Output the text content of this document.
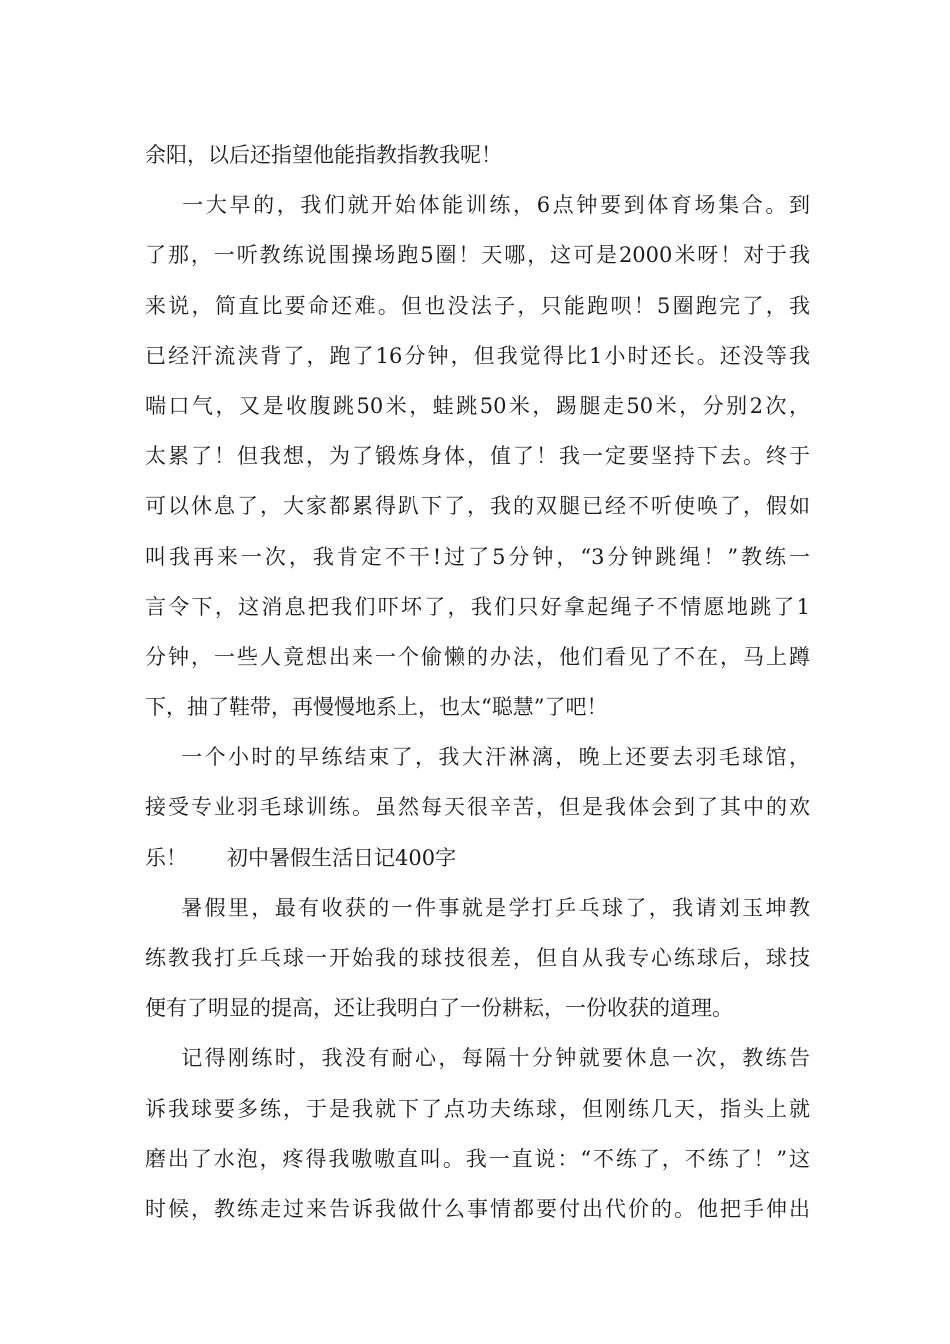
余阳，以后还指望他能指教指教我呢！
一大早的，我们就开始体能训练，6点钟要到体育场集合。到
了那，一听教练说围操场跑5圈！天哪，这可是2000米呀！对于我
来说，简直比要命还难。但也没法子，只能跑呗！5圈跑完了，我
已经汗流浃背了，跑了16分钟，但我觉得比1小时还长。还没等我
喘口气，又是收腹跳50米，蛙跳50米，踢腿走50米，分别2次，
太累了！但我想，为了锻炼身体，值了！我一定要坚持下去。终于
可以休息了，大家都累得趴下了，我的双腿已经不听使唤了，假如
叫我再来一次，我肯定不干!过了5分钟，“3分钟跳绳！”教练一
言令下，这消息把我们吓坏了，我们只好拿起绳子不情愿地跳了1
分钟，一些人竟想出来一个偷懒的办法，他们看见了不在，马上蹲
下，抽了鞋带，再慢慢地系上，也太“聪慧”了吧！
一个小时的早练结束了，我大汗淋漓，晚上还要去羽毛球馆，
接受专业羽毛球训练。虽然每天很辛苦，但是我体会到了其中的欢
乐！      初中暑假生活日记400字
暑假里，最有收获的一件事就是学打乒乓球了，我请刘玉坤教
练教我打乒乓球一开始我的球技很差，但自从我专心练球后，球技
便有了明显的提高，还让我明白了一份耕耘，一份收获的道理。
记得刚练时，我没有耐心，每隔十分钟就要休息一次，教练告
诉我球要多练，于是我就下了点功夫练球，但刚练几天，指头上就
磨出了水泡，疼得我嗷嗷直叫。我一直说：“不练了，不练了！”这
时候，教练走过来告诉我做什么事情都要付出代价的。他把手伸出
